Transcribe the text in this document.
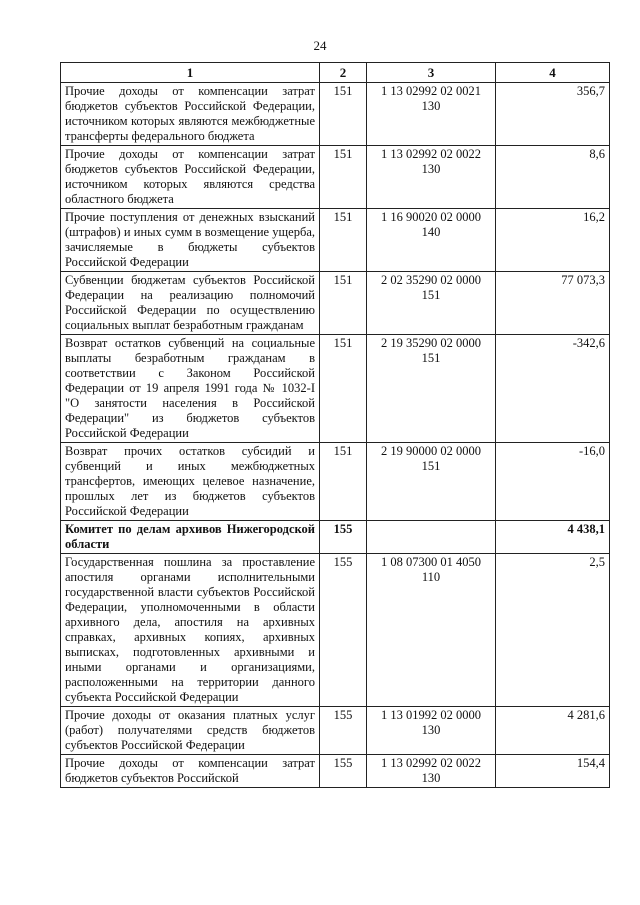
24
1	2	3	4
Прочие доходы от компенсации затрат бюджетов субъектов Российской Федерации, источником которых являются межбюджетные трансферты федерального бюджета	151	1 13 02992 02 0021 130	356,7
Прочие доходы от компенсации затрат бюджетов субъектов Российской Федерации, источником которых являются средства областного бюджета	151	1 13 02992 02 0022 130	8,6
Прочие поступления от денежных взысканий (штрафов) и иных сумм в возмещение ущерба, зачисляемые в бюджеты субъектов Российской Федерации	151	1 16 90020 02 0000 140	16,2
Субвенции бюджетам субъектов Российской Федерации на реализацию полномочий Российской Федерации по осуществлению социальных выплат безработным гражданам	151	2 02 35290 02 0000 151	77 073,3
Возврат остатков субвенций на социальные выплаты безработным гражданам в соответствии с Законом Российской Федерации от 19 апреля 1991 года № 1032-I "О занятости населения в Российской Федерации" из бюджетов субъектов Российской Федерации	151	2 19 35290 02 0000 151	-342,6
Возврат прочих остатков субсидий и субвенций и иных межбюджетных трансфертов, имеющих целевое назначение, прошлых лет из бюджетов субъектов Российской Федерации	151	2 19 90000 02 0000 151	-16,0
Комитет по делам архивов Нижегородской области	155		4 438,1
Государственная пошлина за проставление апостиля органами исполнительными государственной власти субъектов Российской Федерации, уполномоченными в области архивного дела, апостиля на архивных справках, архивных копиях, архивных выписках, подготовленных архивными и иными органами и организациями, расположенными на территории данного субъекта Российской Федерации	155	1 08 07300 01 4050 110	2,5
Прочие доходы от оказания платных услуг (работ) получателями средств бюджетов субъектов Российской Федерации	155	1 13 01992 02 0000 130	4 281,6
Прочие доходы от компенсации затрат бюджетов субъектов Российской	155	1 13 02992 02 0022 130	154,4
